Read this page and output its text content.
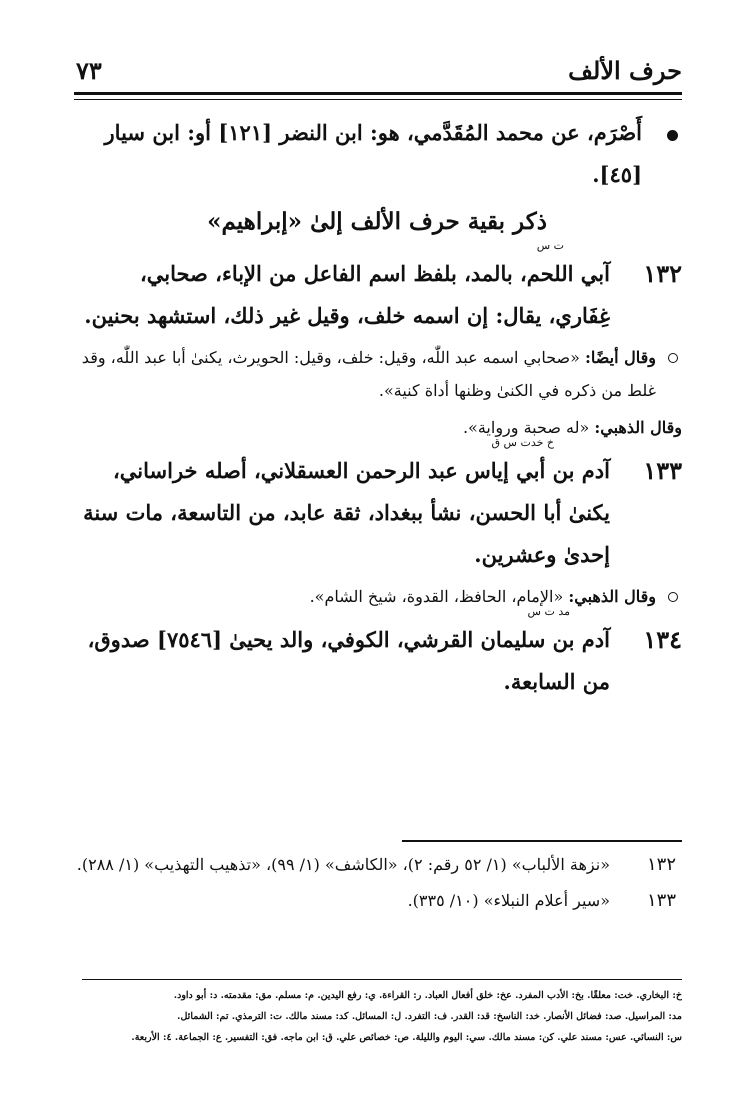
حرف الألف
٧٣

أَصْرَم، عن محمد المُقَدَّمي، هو: ابن النضر [١٢١] أو: ابن سيار [٤٥].

ذكر بقية حرف الألف إلىٰ «إبراهيم»
١٣٢
ت س

آبي اللحم، بالمد، بلفظ اسم الفاعل من الإباء، صحابي، غِفَاري، يقال: إن اسمه خلف، وقيل غير ذلك، استشهد بحنين.

وقال أيضًا: «صحابي اسمه عبد اللّٰه، وقيل: خلف، وقيل: الحويرث، يكنىٰ أبا عبد اللّٰه، وقد غلط من ذكره في الكنىٰ وظنها أداة كنية».
وقال الذهبي: «له صحبة ورواية».
١٣٣
خ خدت س ق

آدم بن أبي إياس عبد الرحمن العسقلاني، أصله خراساني، يكنىٰ أبا الحسن، نشأ ببغداد، ثقة عابد، من التاسعة، مات سنة إحدىٰ وعشرين.

وقال الذهبي: «الإمام، الحافظ، القدوة، شيخ الشام».
١٣٤
مد ت س

آدم بن سليمان القرشي، الكوفي، والد يحيىٰ [٧٥٤٦] صدوق، من السابعة.

١٣٢
«نزهة الألباب» (١/ ٥٢ رقم: ٢)، «الكاشف» (١/ ٩٩)، «تذهيب التهذيب» (١/ ٢٨٨).
١٣٣
«سير أعلام النبلاء» (١٠/ ٣٣٥).
خ: البخاري. خت: معلقًا. بخ: الأدب المفرد. عخ: خلق أفعال العباد. ر: القراءة. ي: رفع اليدين. م: مسلم. مق: مقدمته. د: أبو داود.
مد: المراسيل. صد: فضائل الأنصار. خد: الناسخ: قد: القدر. ف: التفرد. ل: المسائل. كد: مسند مالك. ت: الترمذي. تم: الشمائل.
س: النسائي. عس: مسند علي. كن: مسند مالك. سي: اليوم والليلة. ص: خصائص علي. ق: ابن ماجه. فق: التفسير. ع: الجماعة. ٤: الأربعة.
